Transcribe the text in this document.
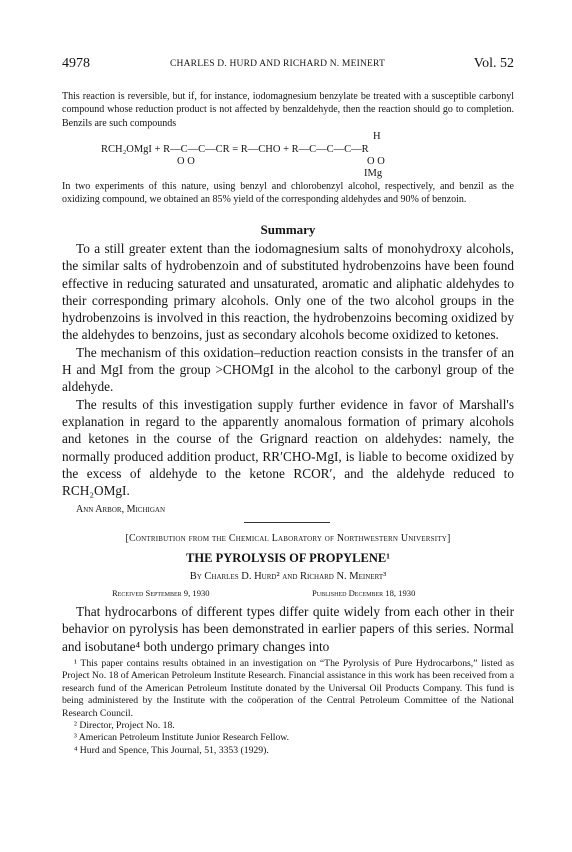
4978	CHARLES D. HURD AND RICHARD N. MEINERT	Vol. 52
This reaction is reversible, but if, for instance, iodomagnesium benzylate be treated with a susceptible carbonyl compound whose reduction product is not affected by benzaldehyde, then the reaction should go to completion. Benzils are such compounds
H
RCH₂OMgI + R—C—C—CR = R—CHO + R—C—C—C—R
O O	O O
IMg
In two experiments of this nature, using benzyl and chlorobenzyl alcohol, respectively, and benzil as the oxidizing compound, we obtained an 85% yield of the corresponding aldehydes and 90% of benzoin.
Summary

To a still greater extent than the iodomagnesium salts of monohydroxy alcohols, the similar salts of hydrobenzoin and of substituted hydrobenzoins have been found effective in reducing saturated and unsaturated, aromatic and aliphatic aldehydes to their corresponding primary alcohols. Only one of the two alcohol groups in the hydrobenzoins is involved in this reaction, the hydrobenzoins becoming oxidized by the aldehydes to benzoins, just as secondary alcohols become oxidized to ketones.

The mechanism of this oxidation–reduction reaction consists in the transfer of an H and MgI from the group >CHOMgI in the alcohol to the carbonyl group of the aldehyde.

The results of this investigation supply further evidence in favor of Marshall's explanation in regard to the apparently anomalous formation of primary alcohols and ketones in the course of the Grignard reaction on aldehydes: namely, the normally produced addition product, RR′CHO-MgI, is liable to become oxidized by the excess of aldehyde to the ketone RCOR′, and the aldehyde reduced to RCH₂OMgI.

Ann Arbor, Michigan
[Contribution from the Chemical Laboratory of Northwestern University]
THE PYROLYSIS OF PROPYLENE¹
By Charles D. Hurd² and Richard N. Meinert³
Received September 9, 1930	Published December 18, 1930
That hydrocarbons of different types differ quite widely from each other in their behavior on pyrolysis has been demonstrated in earlier papers of this series. Normal and isobutane⁴ both undergo primary changes into

¹ This paper contains results obtained in an investigation on “The Pyrolysis of Pure Hydrocarbons,” listed as Project No. 18 of American Petroleum Institute Research. Financial assistance in this work has been received from a research fund of the American Petroleum Institute donated by the Universal Oil Products Company. This fund is being administered by the Institute with the coöperation of the Central Petroleum Committee of the National Research Council.

² Director, Project No. 18.

³ American Petroleum Institute Junior Research Fellow.

⁴ Hurd and Spence, This Journal, 51, 3353 (1929).
